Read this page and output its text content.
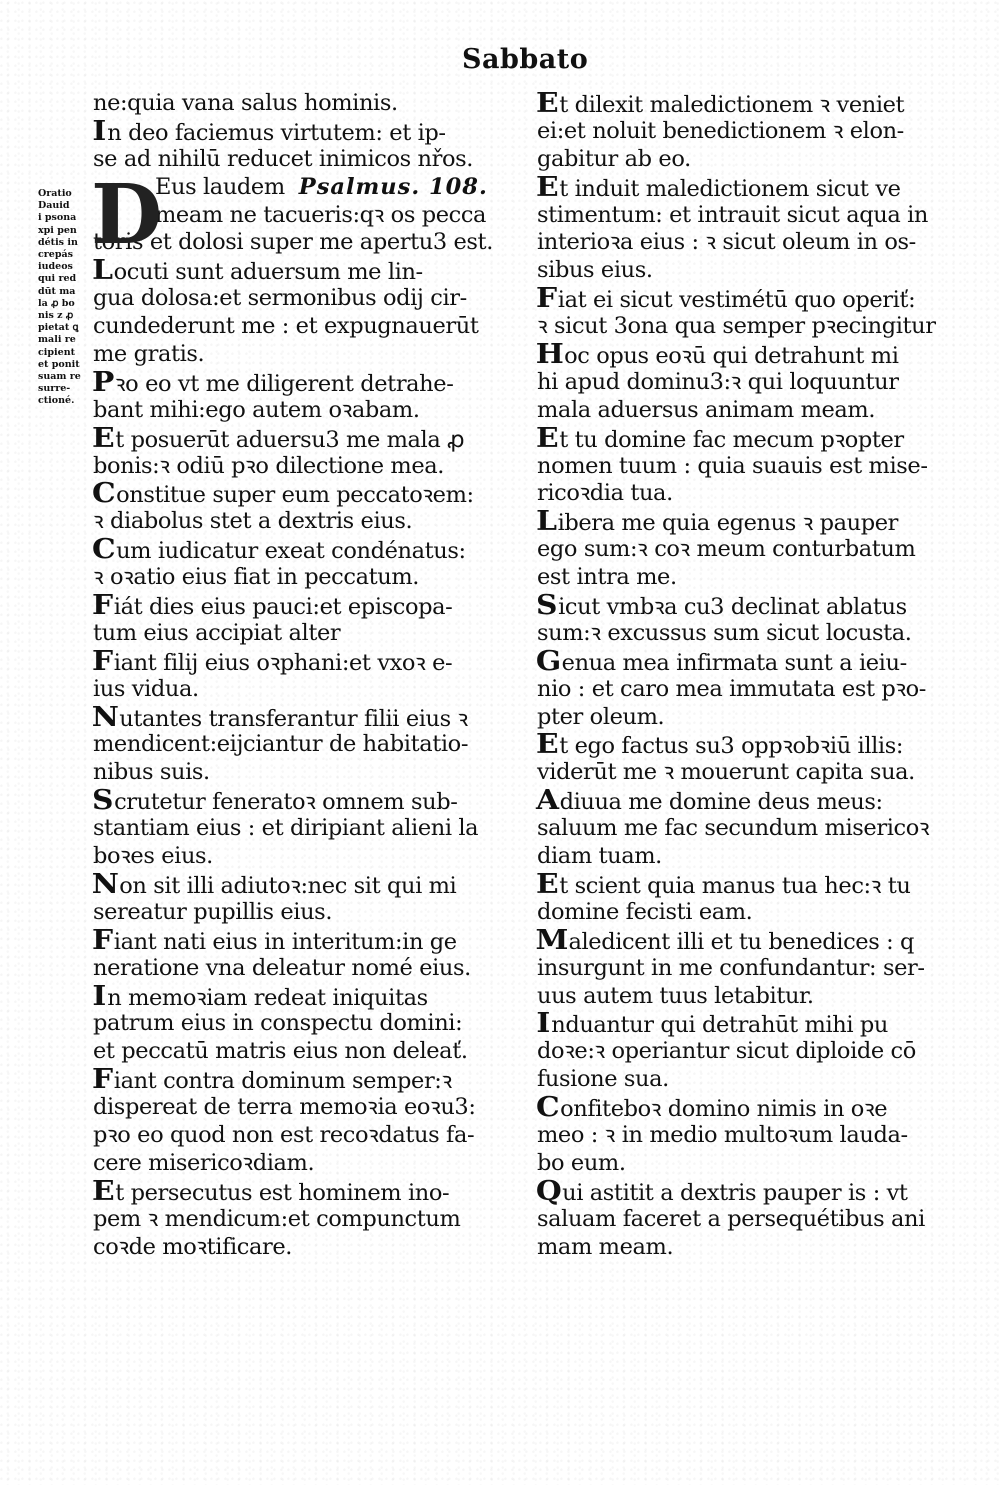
Sabbato
Oratio
Dauid
i psona
xpi pen
détis in
crepás
iudeos
qui red
dūt ma
la ꝓ bo
nis z ꝓ
pietat ꝗ
mali re
cipient
et ponit
suam re
surre-
ctioné.
D
ne:quia vana salus hominis.
In deo faciemus virtutem: et ip-
se ad nihilū reducet inimicos nřos.
Eus laudem Psalmus. 108.
meam ne tacueris:qꝛ os pecca
toris et dolosi super me apertu3 est.
Locuti sunt aduersum me lin-
gua dolosa:et sermonibus odij cir-
cundederunt me : et expugnauerūt
me gratis.
Pꝛo eo vt me diligerent detrahe-
bant mihi:ego autem oꝛabam.
Et posuerūt aduersu3 me mala ꝓ
bonis:ꝛ odiū pꝛo dilectione mea.
Constitue super eum peccatoꝛem:
ꝛ diabolus stet a dextris eius.
Cum iudicatur exeat condénatus:
ꝛ oꝛatio eius fiat in peccatum.
Fiát dies eius pauci:et episcopa-
tum eius accipiat alter
Fiant filij eius oꝛphani:et vxoꝛ e-
ius vidua.
Nutantes transferantur filii eius ꝛ
mendicent:eijciantur de habitatio-
nibus suis.
Scrutetur feneratoꝛ omnem sub-
stantiam eius : et diripiant alieni la
boꝛes eius.
Non sit illi adiutoꝛ:nec sit qui mi
sereatur pupillis eius.
Fiant nati eius in interitum:in ge
neratione vna deleatur nomé eius.
In memoꝛiam redeat iniquitas
patrum eius in conspectu domini:
et peccatū matris eius non deleať.
Fiant contra dominum semper:ꝛ
dispereat de terra memoꝛia eoꝛu3:
pꝛo eo quod non est recoꝛdatus fa-
cere misericoꝛdiam.
Et persecutus est hominem ino-
pem ꝛ mendicum:et compunctum
coꝛde moꝛtificare.
Et dilexit maledictionem ꝛ veniet
ei:et noluit benedictionem ꝛ elon-
gabitur ab eo.
Et induit maledictionem sicut ve
stimentum: et intrauit sicut aqua in
interioꝛa eius : ꝛ sicut oleum in os-
sibus eius.
Fiat ei sicut vestimétū quo operiť:
ꝛ sicut 3ona qua semper pꝛecingitur
Hoc opus eoꝛū qui detrahunt mi
hi apud dominu3:ꝛ qui loquuntur
mala aduersus animam meam.
Et tu domine fac mecum pꝛopter
nomen tuum : quia suauis est mise-
ricoꝛdia tua.
Libera me quia egenus ꝛ pauper
ego sum:ꝛ coꝛ meum conturbatum
est intra me.
Sicut vmbꝛa cu3 declinat ablatus
sum:ꝛ excussus sum sicut locusta.
Genua mea infirmata sunt a ieiu-
nio : et caro mea immutata est pꝛo-
pter oleum.
Et ego factus su3 oppꝛobꝛiū illis:
viderūt me ꝛ mouerunt capita sua.
Adiuua me domine deus meus:
saluum me fac secundum misericoꝛ
diam tuam.
Et scient quia manus tua hec:ꝛ tu
domine fecisti eam.
Maledicent illi et tu benedices : q
insurgunt in me confundantur: ser-
uus autem tuus letabitur.
Induantur qui detrahūt mihi pu
doꝛe:ꝛ operiantur sicut diploide cō
fusione sua.
Confiteboꝛ domino nimis in oꝛe
meo : ꝛ in medio multoꝛum lauda-
bo eum.
Qui astitit a dextris pauper is : vt
saluam faceret a persequétibus ani
mam meam.
